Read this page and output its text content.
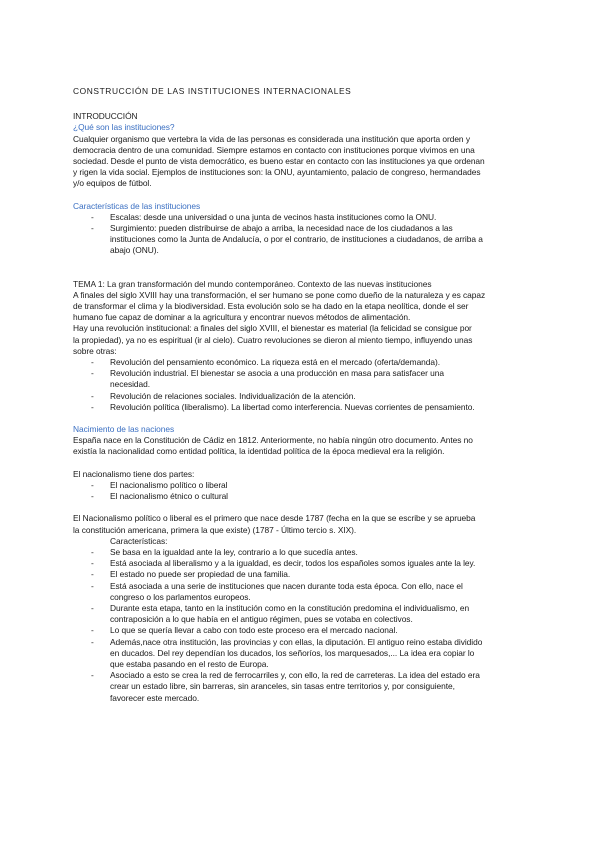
CONSTRUCCIÓN DE LAS INSTITUCIONES INTERNACIONALES

INTRODUCCIÓN

¿Qué son las instituciones?

Cualquier organismo que vertebra la vida de las personas es considerada una institución que aporta orden y

democracia dentro de una comunidad. Siempre estamos en contacto con instituciones porque vivimos en una

sociedad. Desde el punto de vista democrático, es bueno estar en contacto con las instituciones ya que ordenan

y rigen la vida social. Ejemplos de instituciones son: la ONU, ayuntamiento, palacio de congreso, hermandades

y/o equipos de fútbol.

Características de las instituciones

- Escalas: desde una universidad o una junta de vecinos hasta instituciones como la ONU.

- Surgimiento: pueden distribuirse de abajo a arriba, la necesidad nace de los ciudadanos a las

instituciones como la Junta de Andalucía, o por el contrario, de instituciones a ciudadanos, de arriba a

abajo (ONU).

TEMA 1: La gran transformación del mundo contemporáneo. Contexto de las nuevas instituciones

A finales del siglo XVIII hay una transformación, el ser humano se pone como dueño de la naturaleza y es capaz

de transformar el clima y la biodiversidad. Esta evolución solo se ha dado en la etapa neolítica, donde el ser

humano fue capaz de dominar a la agricultura y encontrar nuevos métodos de alimentación.

Hay una revolución institucional: a finales del siglo XVIII, el bienestar es material (la felicidad se consigue por

la propiedad), ya no es espiritual (ir al cielo). Cuatro revoluciones se dieron al miento tiempo, influyendo unas

sobre otras:

- Revolución del pensamiento económico. La riqueza está en el mercado (oferta/demanda).

- Revolución industrial. El bienestar se asocia a una producción en masa para satisfacer una

necesidad.

- Revolución de relaciones sociales. Individualización de la atención.

- Revolución política (liberalismo). La libertad como interferencia. Nuevas corrientes de pensamiento.

Nacimiento de las naciones

España nace en la Constitución de Cádiz en 1812. Anteriormente, no había ningún otro documento. Antes no

existía la nacionalidad como entidad política, la identidad política de la época medieval era la religión.

El nacionalismo tiene dos partes:

- El nacionalismo político o liberal

- El nacionalismo étnico o cultural

El Nacionalismo político o liberal es el primero que nace desde 1787 (fecha en la que se escribe y se aprueba

la constitución americana, primera la que existe) (1787 - Último tercio s. XIX).

Características:

- Se basa en la igualdad ante la ley, contrario a lo que sucedía antes.

- Está asociada al liberalismo y a la igualdad, es decir, todos los españoles somos iguales ante la ley.

- El estado no puede ser propiedad de una familia.

- Está asociada a una serie de instituciones que nacen durante toda esta época. Con ello, nace el

congreso o los parlamentos europeos.

- Durante esta etapa, tanto en la institución como en la constitución predomina el individualismo, en

contraposición a lo que había en el antiguo régimen, pues se votaba en colectivos.

- Lo que se quería llevar a cabo con todo este proceso era el mercado nacional.

- Además,nace otra institución, las provincias y con ellas, la diputación. El antiguo reino estaba dividido

en ducados. Del rey dependían los ducados, los señoríos, los marquesados,... La idea era copiar lo

que estaba pasando en el resto de Europa.

- Asociado a esto se crea la red de ferrocarriles y, con ello, la red de carreteras. La idea del estado era

crear un estado libre, sin barreras, sin aranceles, sin tasas entre territorios y, por consiguiente,

favorecer este mercado.
